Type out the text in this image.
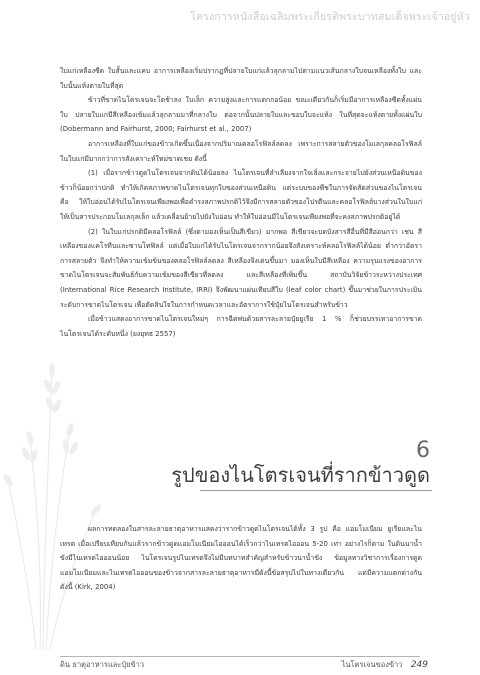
โครงการหนังสือเฉลิมพระเกียรติพระบาทสมเด็จพระเจ้าอยู่หัว

ใบแก่เหลืองซีด ใบสั้นและแคบ อาการเหลืองเริ่มปรากฏที่ปลายใบแก่แล้วลุกลามไปตามแนวเส้นกลางใบจนเหลืองทั้งใบ และใบนั้นแห้งตายในที่สุด

ข้าวที่ขาดไนโตรเจนจะโตช้าลง ใบเล็ก ความสูงและการแตกกอน้อย ขณะเดียวกันก็เริ่มมีอาการเหลืองซีดทั้งแผ่นใบ ปลายใบแก่มีสีเหลืองเข้มแล้วลุกลามมาที่กลางใบ ต่อจากนั้นปลายใบและขอบใบจะแห้ง ในที่สุดจะแห้งตายทั้งแผ่นใบ (Dobermann and Fairhurst, 2000; Fairhurst et al., 2007)

อาการเหลืองที่ใบแก่ของข้าวเกิดขึ้นเนื่องจากปริมาณคลอโรฟิลล์ลดลง เพราะการสลายตัวของโมเลกุลคลอโรฟิลล์ในใบแก่มีมากกว่าการสังเคราะห์ใหม่ขาดเชย ดังนี้

(1) เมื่อรากข้าวดูดไนโตรเจนจากดินได้น้อยลง ไนโตรเจนที่ลำเลียงจากใจเสิ่งและกระจายไปยังส่วนเหนือดินของข้าวก็น้อยกว่าปกติ ทำให้เกิดสภาพขาดไนโตรเจนทุกใบของส่วนเหนือดิน แต่ระบบของพืชในการจัดสัดส่วนของไนโตรเจน คือ ให้ใบอ่อนได้รับไนโตรเจนเพียงพอเพื่อดำรงสภาพปรกติไว้จึงมีการสลายตัวของโปรตีนและคลอโรฟิลล์บางส่วนในใบแก่ ให้เป็นสารประกอบโมเลกุลเล็ก แล้วเคลื่อนย้ายไปยังใบอ่อน ทำให้ใบอ่อนมีไนโตรเจนเพียงพอที่จะคงสภาพปรกติอยู่ได้

(2) ในใบแก่ปรกติมีคลอโรฟิลล์ (ซึ่งตามองเห็นเป็นสีเขียว) มากพอ สีเขียวจะบดบังสารสีอื่นที่มีสีอ่อนกว่า เช่น สีเหลืองของแคโรทีนและซานโทฟิลล์ แต่เมื่อใบแก่ได้รับไนโตรเจนจากรากน้อยจึงสังเคราะห์คลอโรฟิลล์ได้น้อย ต่ำกว่าอัตราการสลายตัว จึงทำให้ความเข้มข้นของคลอโรฟิลล์ลดลง สีเหลืองจึงเด่นขึ้นมา มองเห็นใบมีสีเหลือง ความรุนแรงของอาการขาดไนโตรเจนจะสัมพันธ์กับความเข้มของสีเขียวที่ลดลง และสีเหลืองที่เพิ่มขึ้น สถาบันวิจัยข้าวระหว่างประเทศ (International Rice Research Institute, IRRI) จึงพัฒนาแผ่นเทียบสีใบ (leaf color chart) ขึ้นมาช่วยในการประเมินระดับการขาดไนโตรเจน เพื่อตัดสินใจในการกำหนดเวลาและอัตราการใช้ปุ๋ยไนโตรเจนสำหรับข้าว

เมื่อข้าวแสดงอาการขาดไนโตรเจนใหม่ๆ การฉีดพ่นด้วยสารละลายปุ๋ยยูเรีย 1 % ก็ช่วยบรรเทาอาการขาดไนโตรเจนได้ระดับหนึ่ง (ยงยุทธ 2557)

6
รูปของไนโตรเจนที่รากข้าวดูด

ผลการทดลองในสารละลายธาตุอาหารแสดงว่ารากข้าวดูดไนโตรเจนได้ทั้ง 3 รูป คือ แอมโมเนียม ยูเรียและไนเทรต เมื่อเปรียบเทียบกันแล้วรากข้าวดูดแอมโมเนียมไอออนได้เร็วกว่าไนเทรตไอออน 5-20 เท่า อย่างไรก็ตาม ในดินนาน้ำขังมีไนเทรตไอออนน้อย ไนโตรเจนรูปไนเทรตจึงไม่มีบทบาทสำคัญสำหรับข้าวนาน้ำขัง ข้อมูลทางวิชาการเรื่องการดูดแอมโมเนียมและไนเทรตไอออนของข้าวจากสารละลายธาตุอาหารมีดังนี้ข้อสรุปไปในทางเดียวกัน แต่มีความแตกต่างกันดังนี้ (Kirk, 2004)

ดิน ธาตุอาหารและปุ๋ยข้าว	ไนโตรเจนของข้าว 249
